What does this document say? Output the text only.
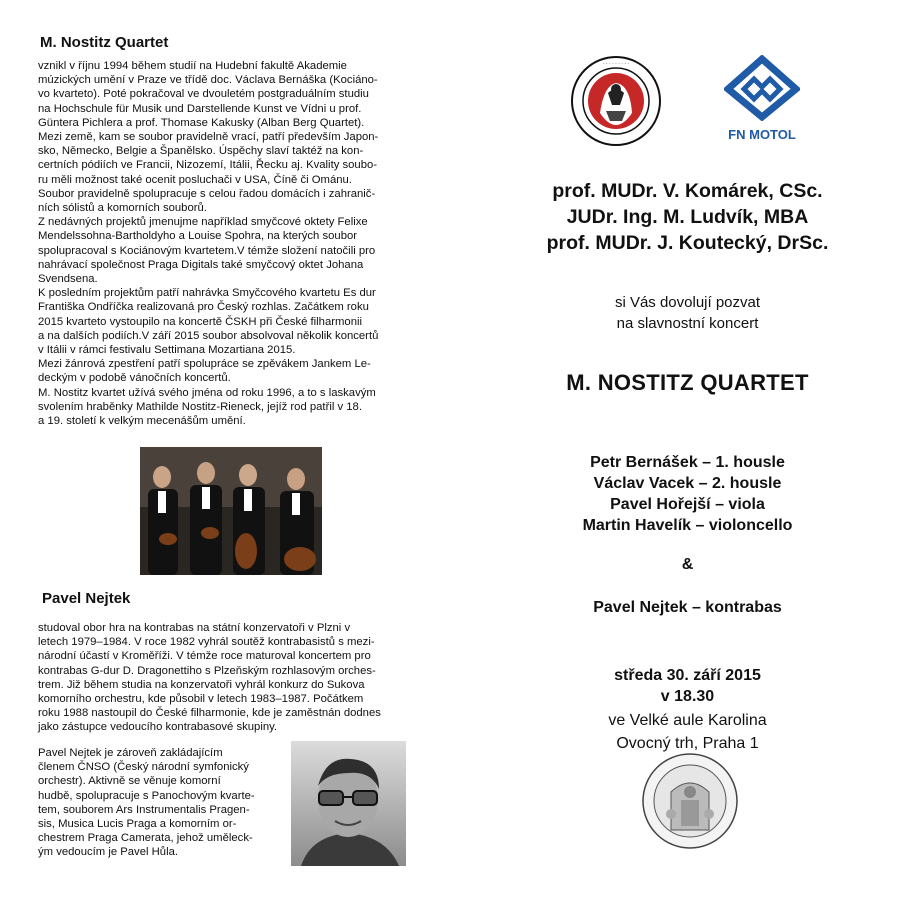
M. Nostitz Quartet
vznikl v říjnu 1994 během studií na Hudební fakultě Akademie
múzických umění v Praze ve třídě doc. Václava Bernáška (Kociáno-
vo kvarteto). Poté pokračoval ve dvouletém postgraduálním studiu
na Hochschule für Musik und Darstellende Kunst ve Vídni u prof.
Güntera Pichlera a prof. Thomase Kakusky (Alban Berg Quartet).
Mezi země, kam se soubor pravidelně vrací, patří především Japon-
sko, Německo, Belgie a Španělsko. Úspěchy slaví taktéž na kon-
certních pódiích ve Francii, Nizozemí, Itálii, Řecku aj. Kvality soubo-
ru měli možnost také ocenit posluchači v USA, Číně či Ománu.
Soubor pravidelně spolupracuje s celou řadou domácích i zahranič-
ních sólistů a komorních souborů.
Z nedávných projektů jmenujme například smyčcové oktety Felixe
Mendelssohna-Bartholdyho a Louise Spohra, na kterých soubor
spolupracoval s Kociánovým kvartetem.V témže složení natočili pro
nahrávací společnost Praga Digitals také smyčcový oktet Johana
Svendsena.
K posledním projektům patří nahrávka Smyčcového kvartetu Es dur
Františka Ondříčka realizovaná pro Český rozhlas. Začátkem roku
2015 kvarteto vystoupilo na koncertě ČSKH při České filharmonii
a na dalších podiích.V září 2015 soubor absolvoval několik koncertů
v Itálii v rámci festivalu Settimana Mozartiana 2015.
Mezi žánrová zpestření patří spolupráce se zpěvákem Jankem Le-
deckým v podobě vánočních koncertů.
M. Nostitz kvartet užívá svého jména od roku 1996, a to s laskavým
svolením hraběnky Mathilde Nostitz-Rieneck, jejíž rod patřil v 18.
a 19. století k velkým mecenášům umění.
Pavel Nejtek
studoval obor hra na kontrabas na státní konzervatoři v Plzni v
letech 1979–1984. V roce 1982 vyhrál soutěž kontrabasistů s mezi-
národní účastí v Kroměříži. V témže roce maturoval koncertem pro
kontrabas G-dur D. Dragonettiho s Plzeňským rozhlasovým orches-
trem. Již během studia na konzervatoři vyhrál konkurz do Sukova
komorního orchestru, kde působil v letech 1983–1987. Počátkem
roku 1988 nastoupil do České filharmonie, kde je zaměstnán dodnes
jako zástupce vedoucího kontrabasové skupiny.
Pavel Nejtek je zároveň zakládajícím
členem ČNSO (Český národní symfonický
orchestr). Aktivně se věnuje komorní
hudbě, spolupracuje s Panochovým kvarte-
tem, souborem Ars Instrumentalis Pragen-
sis, Musica Lucis Praga a komorním or-
chestrem Praga Camerata, jehož uměleck-
ým vedoucím je Pavel Hůla.
· · · · · · · · ·
FN MOTOL
prof. MUDr. V. Komárek, CSc.
JUDr. Ing. M. Ludvík, MBA
prof. MUDr. J. Koutecký, DrSc.
si Vás dovolují pozvat
na slavnostní koncert
M. NOSTITZ QUARTET
Petr Bernášek – 1. housle
Václav Vacek – 2. housle
Pavel Hořejší – viola
Martin Havelík – violoncello
&
Pavel Nejtek – kontrabas
středa 30. září 2015
v 18.30
ve Velké aule Karolina
Ovocný trh, Praha 1
